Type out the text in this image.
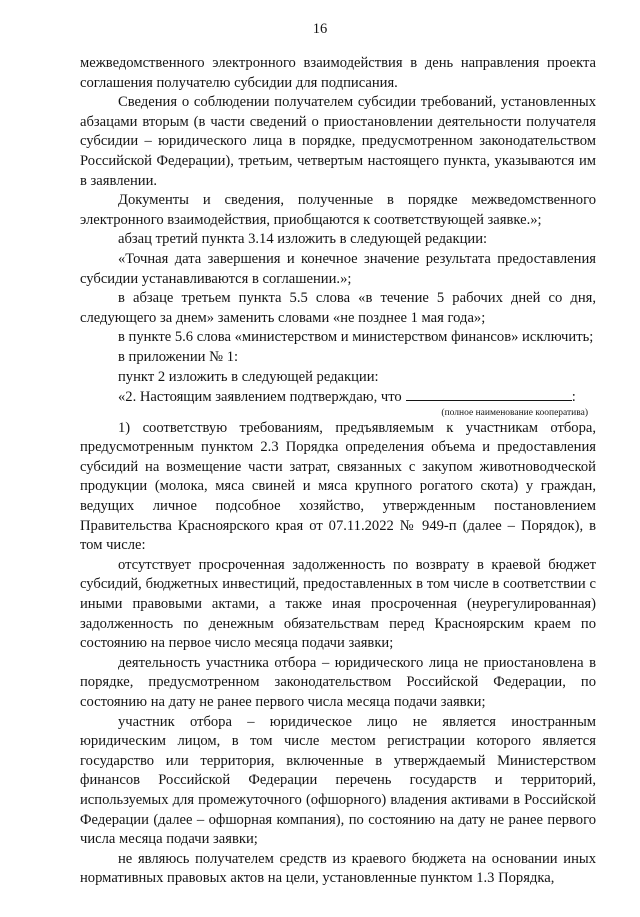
16

межведомственного электронного взаимодействия в день направления проекта соглашения получателю субсидии для подписания.

Сведения о соблюдении получателем субсидии требований, установленных абзацами вторым (в части сведений о приостановлении деятельности получателя субсидии – юридического лица в порядке, предусмотренном законодательством Российской Федерации), третьим, четвертым настоящего пункта, указываются им в заявлении.

Документы и сведения, полученные в порядке межведомственного электронного взаимодействия, приобщаются к соответствующей заявке.»;

абзац третий пункта 3.14 изложить в следующей редакции:

«Точная дата завершения и конечное значение результата предоставления субсидии устанавливаются в соглашении.»;

в абзаце третьем пункта 5.5 слова «в течение 5 рабочих дней со дня, следующего за днем» заменить словами «не позднее 1 мая года»;

в пункте 5.6 слова «министерством и министерством финансов» исключить;

в приложении № 1:

пункт 2 изложить в следующей редакции:

«2. Настоящим заявлением подтверждаю, что	:

(полное наименование кооператива)

1) соответствую требованиям, предъявляемым к участникам отбора, предусмотренным пунктом 2.3 Порядка определения объема и предоставления субсидий на возмещение части затрат, связанных с закупом животноводческой продукции (молока, мяса свиней и мяса крупного рогатого скота) у граждан, ведущих личное подсобное хозяйство, утвержденным постановлением Правительства Красноярского края от 07.11.2022 № 949-п (далее – Порядок), в том числе:

отсутствует просроченная задолженность по возврату в краевой бюджет субсидий, бюджетных инвестиций, предоставленных в том числе в соответствии с иными правовыми актами, а также иная просроченная (неурегулированная) задолженность по денежным обязательствам перед Красноярским краем по состоянию на первое число месяца подачи заявки;

деятельность участника отбора – юридического лица не приостановлена в порядке, предусмотренном законодательством Российской Федерации, по состоянию на дату не ранее первого числа месяца подачи заявки;

участник отбора – юридическое лицо не является иностранным юридическим лицом, в том числе местом регистрации которого является государство или территория, включенные в утверждаемый Министерством финансов Российской Федерации перечень государств и территорий, используемых для промежуточного (офшорного) владения активами в Российской Федерации (далее – офшорная компания), по состоянию на дату не ранее первого числа месяца подачи заявки;

не являюсь получателем средств из краевого бюджета на основании иных нормативных правовых актов на цели, установленные пунктом 1.3 Порядка,
